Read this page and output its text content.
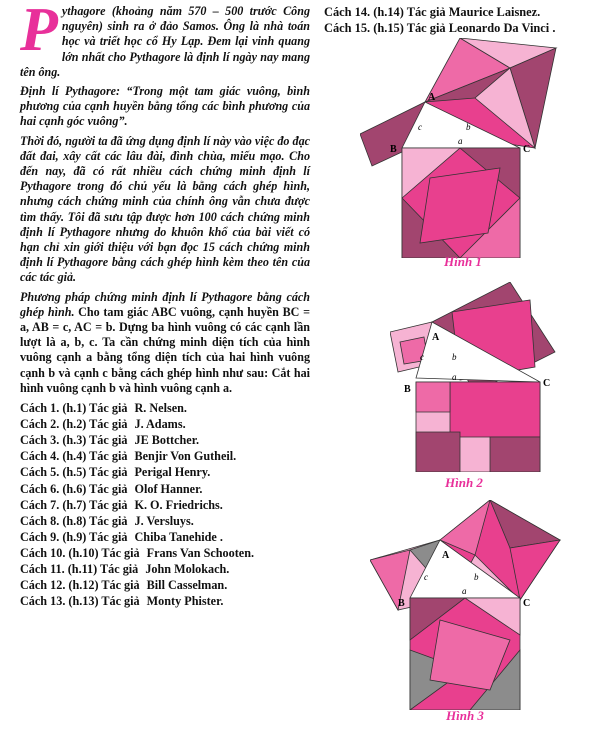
P ythagore (khoảng năm 570 – 500 trước Công nguyên) sinh ra ở đảo Samos. Ông là nhà toán học và triết học cổ Hy Lạp. Đem lại vinh quang lớn nhất cho Pythagore là định lí ngày nay mang tên ông.

Định lí Pythagore: “Trong một tam giác vuông, bình phương của cạnh huyền bằng tổng các bình phương của hai cạnh góc vuông”.

Thời đó, người ta đã ứng dụng định lí này vào việc đo đạc đất đai, xây cất các lâu đài, đình chùa, miếu mạo. Cho đến nay, đã có rất nhiều cách chứng minh định lí Pythagore trong đó chủ yếu là bằng cách ghép hình, nhưng cách chứng minh của chính ông vẫn chưa được tìm thấy. Tôi đã sưu tập được hơn 100 cách chứng minh định lí Pythagore nhưng do khuôn khổ của bài viết có hạn chỉ xin giới thiệu với bạn đọc 15 cách chứng minh định lí Pythagore bằng cách ghép hình kèm theo tên của các tác giả.

Phương pháp chứng minh định lí Pythagore bằng cách ghép hình. Cho tam giác ABC vuông, cạnh huyền BC = a, AB = c, AC = b. Dựng ba hình vuông có các cạnh lần lượt là a, b, c. Ta cần chứng minh diện tích của hình vuông cạnh a bằng tổng diện tích của hai hình vuông cạnh b và cạnh c bằng cách ghép hình như sau: Cắt hai hình vuông cạnh b và hình vuông cạnh a.

Cách 1. (h.1) Tác giả R. Nelsen.
Cách 2. (h.2) Tác giả J. Adams.
Cách 3. (h.3) Tác giả JE Bottcher.
Cách 4. (h.4) Tác giả Benjir Von Gutheil.
Cách 5. (h.5) Tác giả Perigal Henry.
Cách 6. (h.6) Tác giả Olof Hanner.
Cách 7. (h.7) Tác giả K. O. Friedrichs.
Cách 8. (h.8) Tác giả J. Versluys.
Cách 9. (h.9) Tác giả Chiba Tanehide .
Cách 10. (h.10) Tác giả Frans Van Schooten.
Cách 11. (h.11) Tác giả John Molokach.
Cách 12. (h.12) Tác giả Bill Casselman.
Cách 13. (h.13) Tác giả Monty Phister.
Cách 14. (h.14) Tác giả Maurice Laisnez.
Cách 15. (h.15) Tác giả Leonardo Da Vinci .
A
B	C
a
b
c
Hình 1
A
B
C
a
b
c
Hình 2
A
B	C
a
b
c
Hình 3
